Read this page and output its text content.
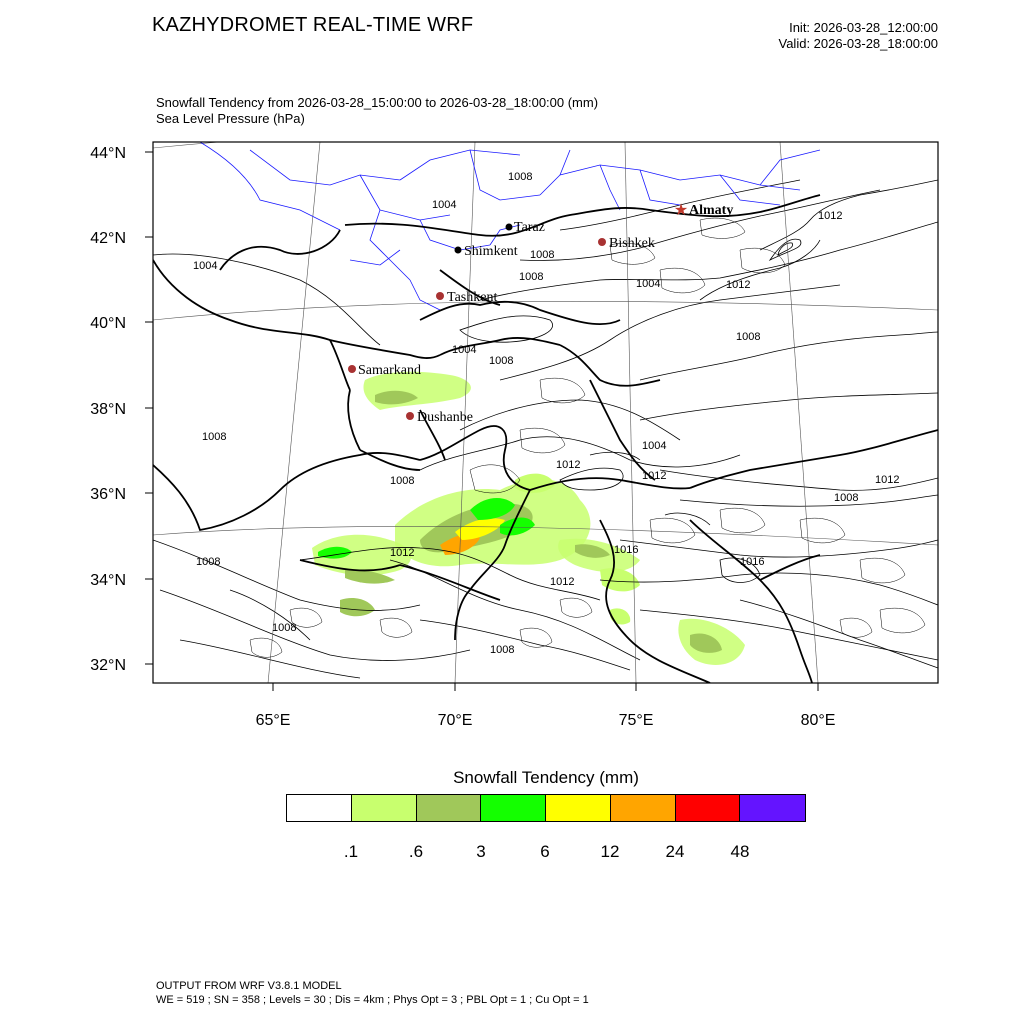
KAZHYDROMET REAL-TIME WRF	Init: 2026-03-28_12:00:00
Valid: 2026-03-28_18:00:00
Snowfall Tendency from 2026-03-28_15:00:00 to 2026-03-28_18:00:00 (mm)
Sea Level Pressure (hPa)
44°N
42°N
40°N
38°N
36°N
34°N
32°N
65°E	70°E	75°E	80°E
1008
1004
1012
1008
1004
1008
1004	1012
1008
1004
1008
1008
1004
1012
1008	1012	1012
1008
1008
1012	1016
1016
1012
1008
1008
★ Almaty
Taraz
Shimkent
Bishkek
Tashkent
Samarkand
Dushanbe
Snowfall Tendency (mm)
.1	.6	3	6	12	24	48
OUTPUT FROM WRF V3.8.1 MODEL
WE = 519 ; SN = 358 ; Levels = 30 ; Dis = 4km ; Phys Opt = 3 ; PBL Opt = 1 ; Cu Opt = 1
